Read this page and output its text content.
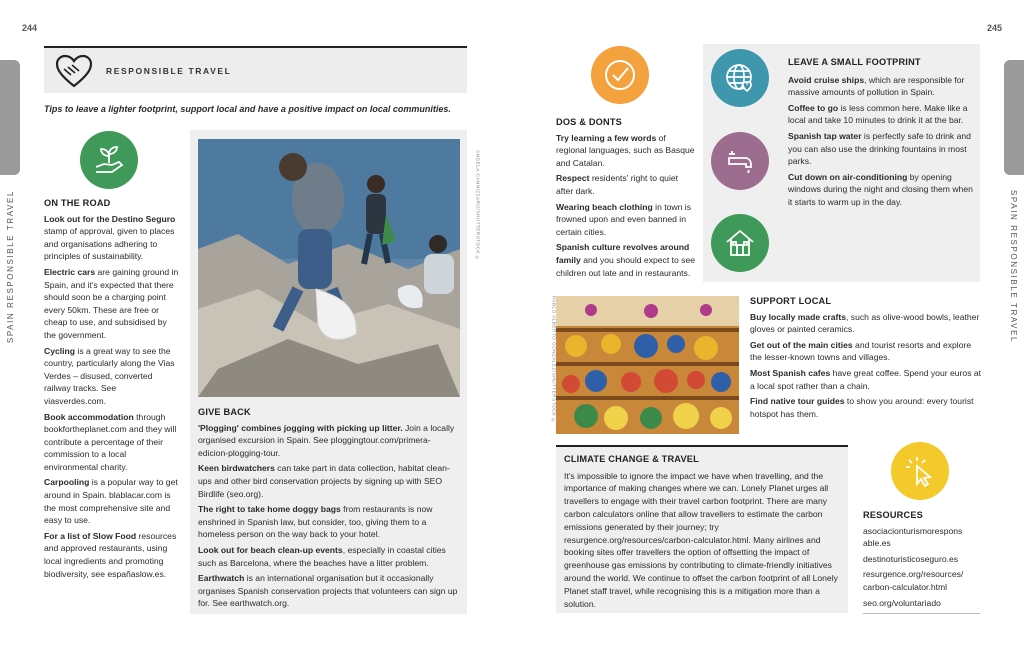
244	245
SPAIN RESPONSIBLE TRAVEL	SPAIN RESPONSIBLE TRAVEL
RESPONSIBLE TRAVEL
Tips to leave a lighter footprint, support local and have a positive impact on local communities.
ON THE ROAD

Look out for the Destino Seguro stamp of approval, given to places and organisations adhering to principles of sustainability.

Electric cars are gaining ground in Spain, and it's expected that there should soon be a charging point every 50km. These are free or cheap to use, and subsidised by the government.

Cycling is a great way to see the country, particularly along the Vias Verdes – disused, converted railway tracks. See viasverdes.com.

Book accommodation through bookfortheplanet.com and they will contribute a percentage of their commission to a local environmental charity.

Carpooling is a popular way to get around in Spain. blablacar.com is the most comprehensive site and easy to use.

For a list of Slow Food resources and approved restaurants, using local ingredients and promoting biodiversity, see españaslow.es.

GIVE BACK

'Plogging' combines jogging with picking up litter. Join a locally organised excursion in Spain. See ploggingtour.com/primera-edicion-plogging-tour.

Keen birdwatchers can take part in data collection, habitat clean-ups and other bird conservation projects by signing up with SEO Birdlife (seo.org).

The right to take home doggy bags from restaurants is now enshrined in Spanish law, but consider, too, giving them to a homeless person on the way back to your hotel.

Look out for beach clean-up events, especially in coastal cities such as Barcelona, where the beaches have a litter problem.

Earthwatch is an international organisation but it occasionally organises Spanish conservation projects that volunteers can sign up for. See earthwatch.org.

ANGELA CANNIZZARO/SHUTTERSTOCK ©
DOS & DONTS

Try learning a few words of regional languages, such as Basque and Catalan.

Respect residents' right to quiet after dark.

Wearing beach clothing in town is frowned upon and even banned in certain cities.

Spanish culture revolves around family and you should expect to see children out late and in restaurants.

LEAVE A SMALL FOOTPRINT

Avoid cruise ships, which are responsible for massive amounts of pollution in Spain.

Coffee to go is less common here. Make like a local and take 10 minutes to drink it at the bar.

Spanish tap water is perfectly safe to drink and you can also use the drinking fountains in most parks.

Cut down on air-conditioning by opening windows during the night and closing them when it starts to warm up in the day.

PABLO ALBERTO GONZALEZ/SHUTTERSTOCK ©	SUPPORT LOCAL

Buy locally made crafts, such as olive-wood bowls, leather gloves or painted ceramics.

Get out of the main cities and tourist resorts and explore the lesser-known towns and villages.

Most Spanish cafes have great coffee. Spend your euros at a local spot rather than a chain.

Find native tour guides to show you around: every tourist hotspot has them.

CLIMATE CHANGE & TRAVEL
It's impossible to ignore the impact we have when travelling, and the importance of making changes where we can. Lonely Planet urges all travellers to engage with their travel carbon footprint. There are many carbon calculators online that allow travellers to estimate the carbon emissions generated by their journey; try resurgence.org/resources/carbon-calculator.html. Many airlines and booking sites offer travellers the option of offsetting the impact of greenhouse gas emissions by contributing to climate-friendly initiatives around the world. We continue to offset the carbon footprint of all Lonely Planet staff travel, while recognising this is a mitigation more than a solution.
RESOURCES
asociacionturismorespons able.es
destinoturisticoseguro.es
resurgence.org/resources/ carbon-calculator.html
seo.org/voluntariado
